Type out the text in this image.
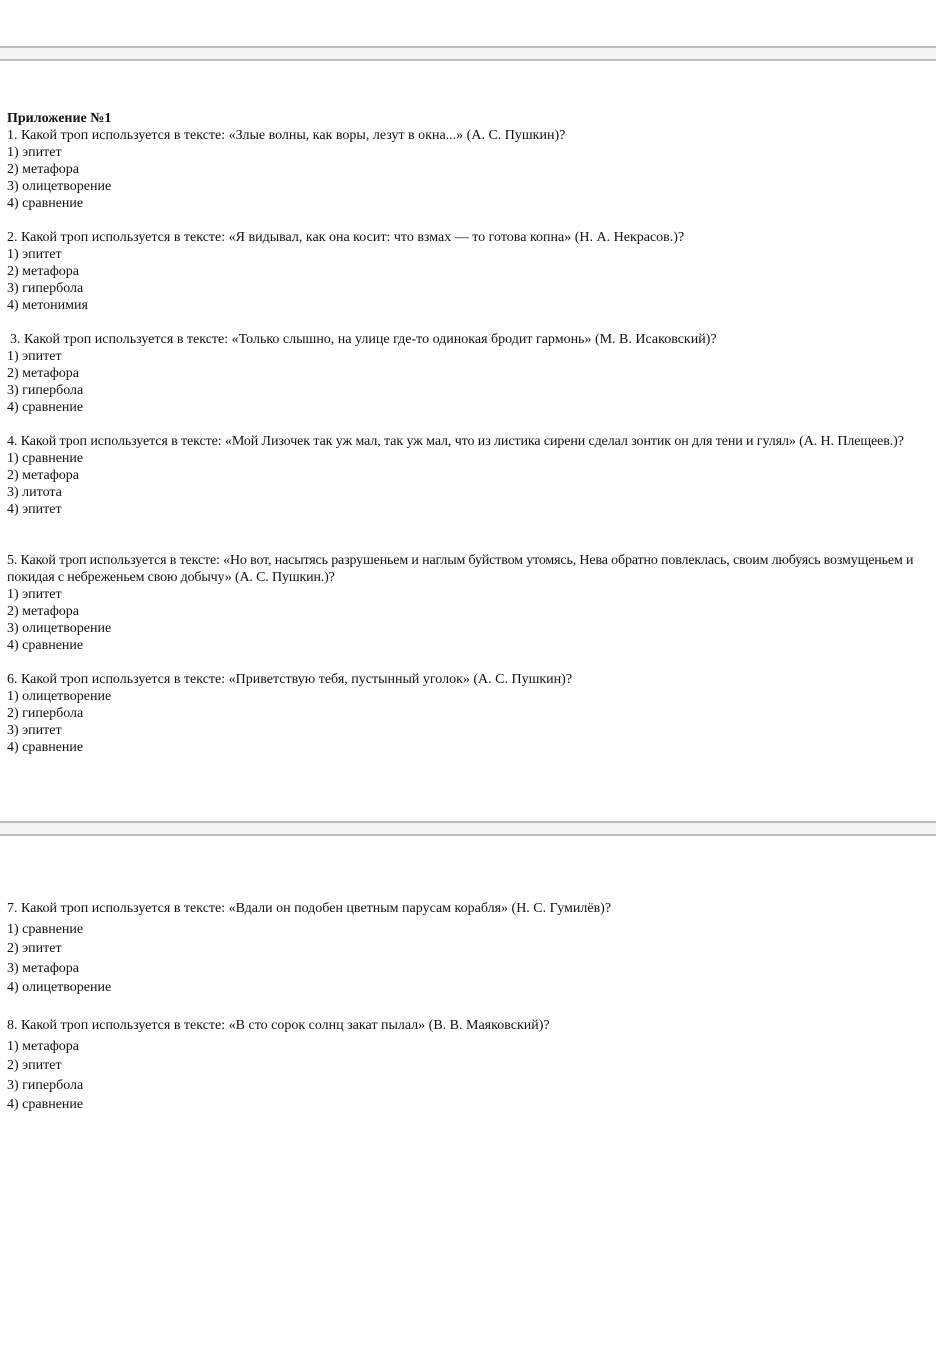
Приложение №1
1. Какой троп используется в тексте: «Злые волны, как воры, лезут в окна...» (А. С. Пушкин)?
1) эпитет
2) метафора
3) олицетворение
4) сравнение
2. Какой троп используется в тексте: «Я видывал, как она косит: что взмах — то готова копна» (Н. А. Некрасов.)?
1) эпитет
2) метафора
3) гипербола
4) метонимия
3. Какой троп используется в тексте: «Только слышно, на улице где-то одинокая бродит гармонь» (М. В. Исаковский)?
1) эпитет
2) метафора
3) гипербола
4) сравнение
4. Какой троп используется в тексте: «Мой Лизочек так уж мал, так уж мал, что из листика сирени сделал зонтик он для тени и гулял» (А. Н. Плещеев.)?
1) сравнение
2) метафора
3) литота
4) эпитет
5. Какой троп используется в тексте: «Но вот, насытясь разрушеньем и наглым буйством утомясь, Нева обратно повлеклась, своим любуясь возмущеньем и покидая с небреженьем свою добычу» (А. С. Пушкин.)?
1) эпитет
2) метафора
3) олицетворение
4) сравнение
6. Какой троп используется в тексте: «Приветствую тебя, пустынный уголок» (А. С. Пушкин)?
1) олицетворение
2) гипербола
3) эпитет
4) сравнение
7. Какой троп используется в тексте: «Вдали он подобен цветным парусам корабля» (Н. С. Гумилёв)?
1) сравнение
2) эпитет
3) метафора
4) олицетворение
8. Какой троп используется в тексте: «В сто сорок солнц закат пылал» (В. В. Маяковский)?
1) метафора
2) эпитет
3) гипербола
4) сравнение
